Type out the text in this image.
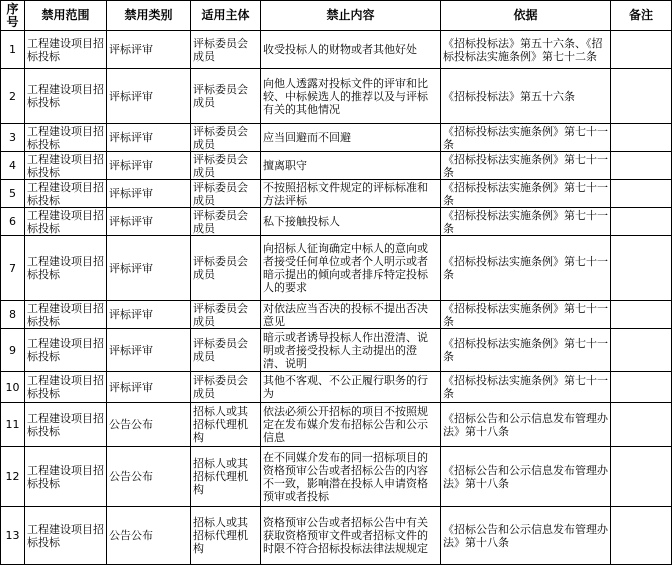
序号	禁用范围	禁用类别	适用主体	禁止内容	依据	备注
1	工程建设项目招标投标	评标评审	评标委员会成员	收受投标人的财物或者其他好处	《招标投标法》第五十六条、《招标投标法实施条例》第七十二条	
2	工程建设项目招标投标	评标评审	评标委员会成员	向他人透露对投标文件的评审和比较、中标候选人的推荐以及与评标有关的其他情况	《招标投标法》第五十六条	
3	工程建设项目招标投标	评标评审	评标委员会成员	应当回避而不回避	《招标投标法实施条例》第七十一条	
4	工程建设项目招标投标	评标评审	评标委员会成员	擅离职守	《招标投标法实施条例》第七十一条	
5	工程建设项目招标投标	评标评审	评标委员会成员	不按照招标文件规定的评标标准和方法评标	《招标投标法实施条例》第七十一条	
6	工程建设项目招标投标	评标评审	评标委员会成员	私下接触投标人	《招标投标法实施条例》第七十一条	
7	工程建设项目招标投标	评标评审	评标委员会成员	向招标人征询确定中标人的意向或者接受任何单位或者个人明示或者暗示提出的倾向或者排斥特定投标人的要求	《招标投标法实施条例》第七十一条	
8	工程建设项目招标投标	评标评审	评标委员会成员	对依法应当否决的投标不提出否决意见	《招标投标法实施条例》第七十一条	
9	工程建设项目招标投标	评标评审	评标委员会成员	暗示或者诱导投标人作出澄清、说明或者接受投标人主动提出的澄清、说明	《招标投标法实施条例》第七十一条	
10	工程建设项目招标投标	评标评审	评标委员会成员	其他不客观、不公正履行职务的行为	《招标投标法实施条例》第七十一条	
11	工程建设项目招标投标	公告公布	招标人或其招标代理机构	依法必须公开招标的项目不按照规定在发布媒介发布招标公告和公示信息	《招标公告和公示信息发布管理办法》第十八条	
12	工程建设项目招标投标	公告公布	招标人或其招标代理机构	在不同媒介发布的同一招标项目的资格预审公告或者招标公告的内容不一致，影响潜在投标人申请资格预审或者投标	《招标公告和公示信息发布管理办法》第十八条	
13	工程建设项目招标投标	公告公布	招标人或其招标代理机构	资格预审公告或者招标公告中有关获取资格预审文件或者招标文件的时限不符合招标投标法律法规规定	《招标公告和公示信息发布管理办法》第十八条	
